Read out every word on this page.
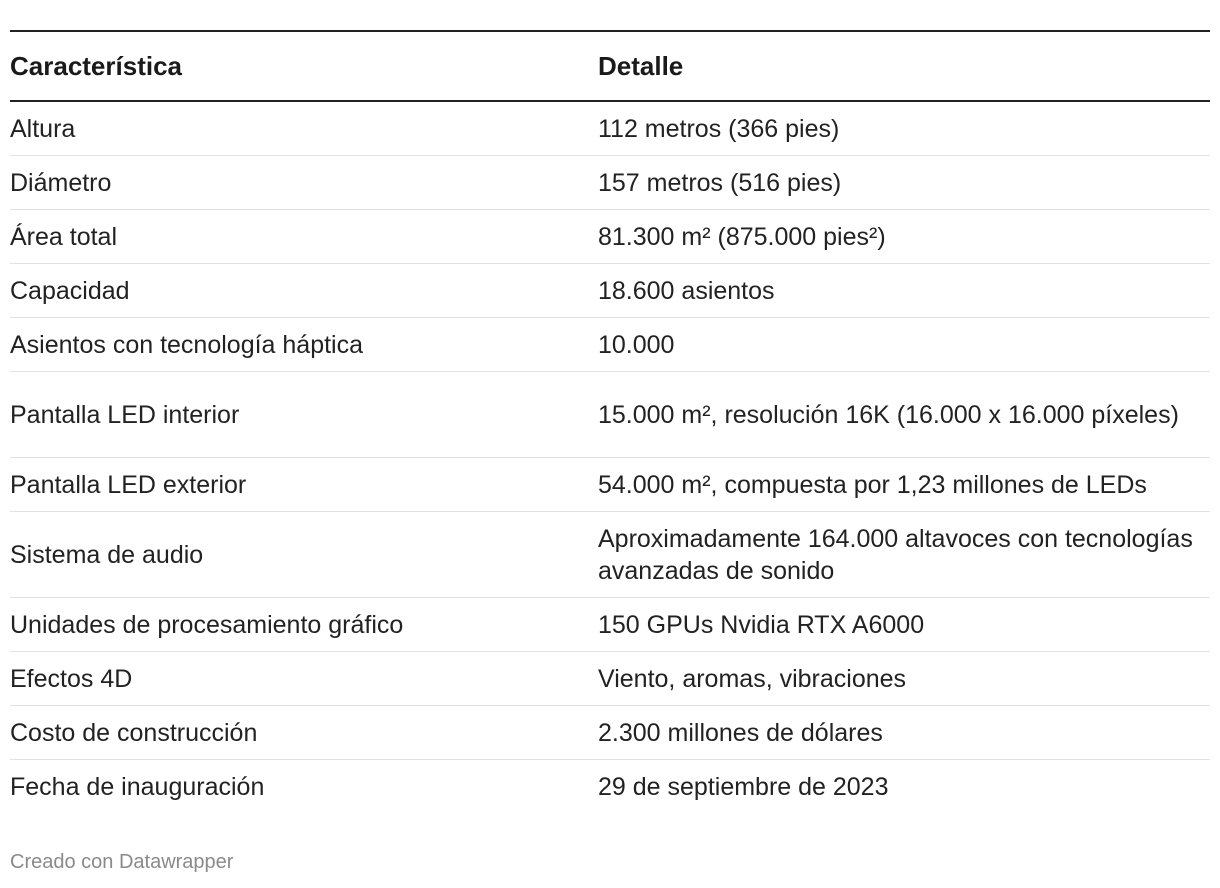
Característica	Detalle
Altura	112 metros (366 pies)
Diámetro	157 metros (516 pies)
Área total	81.300 m² (875.000 pies²)
Capacidad	18.600 asientos
Asientos con tecnología háptica	10.000
Pantalla LED interior	15.000 m², resolución 16K (16.000 x 16.000 píxeles)
Pantalla LED exterior	54.000 m², compuesta por 1,23 millones de LEDs
Sistema de audio	Aproximadamente 164.000 altavoces con tecnologías avanzadas de sonido
Unidades de procesamiento gráfico	150 GPUs Nvidia RTX A6000
Efectos 4D	Viento, aromas, vibraciones
Costo de construcción	2.300 millones de dólares
Fecha de inauguración	29 de septiembre de 2023
Creado con Datawrapper
